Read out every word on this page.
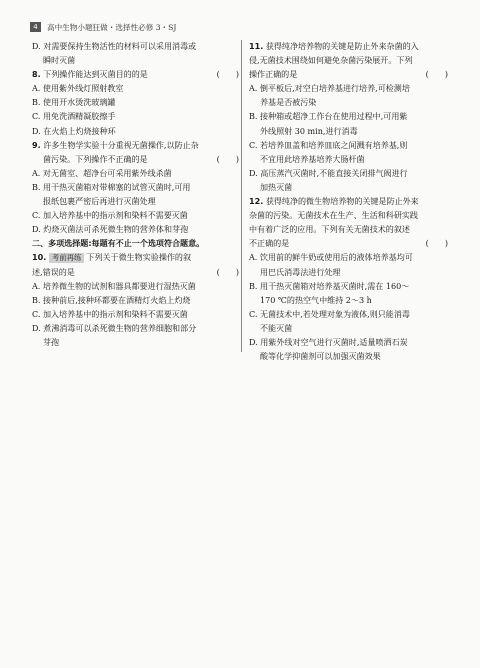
4	高中生物小题狂做・选择性必修 3・SJ
D. 对需要保持生物活性的材料可以采用消毒或
瞬时灭菌
(　　)
8. 下列操作能达到灭菌目的的是
A. 使用紫外线灯照射教室
B. 使用开水烫洗玻璃罐
C. 用免洗酒精凝胶擦手
D. 在火焰上灼烧接种环
9. 许多生物学实验十分重视无菌操作,以防止杂
(　　)
菌污染。下列操作不正确的是
A. 对无菌室、超净台可采用紫外线杀菌
B. 用干热灭菌箱对带棉塞的试管灭菌时,可用
报纸包裹严密后再进行灭菌处理
C. 加入培养基中的指示剂和染料不需要灭菌
D. 灼烧灭菌法可杀死微生物的营养体和芽孢
二、多项选择题:每题有不止一个选项符合题意。
10. 考前再练 下列关于微生物实验操作的叙
(　　)
述,错误的是
A. 培养微生物的试剂和器具都要进行湿热灭菌
B. 接种前后,接种环都要在酒精灯火焰上灼烧
C. 加入培养基中的指示剂和染料不需要灭菌
D. 煮沸消毒可以杀死微生物的营养细胞和部分
芽孢
11. 获得纯净培养物的关键是防止外来杂菌的入
侵,无菌技术围绕如何避免杂菌污染展开。下列
(　　)
操作正确的是
A. 倒平板后,对空白培养基进行培养,可检测培
养基是否被污染
B. 接种箱或超净工作台在使用过程中,可用紫
外线照射 30 min,进行消毒
C. 若培养皿盖和培养皿底之间溅有培养基,则
不宜用此培养基培养大肠杆菌
D. 高压蒸汽灭菌时,不能直接关闭排气阀进行
加热灭菌
12. 获得纯净的微生物培养物的关键是防止外来
杂菌的污染。无菌技术在生产、生活和科研实践
中有着广泛的应用。下列有关无菌技术的叙述
(　　)
不正确的是
A. 饮用前的鲜牛奶或使用后的液体培养基均可
用巴氏消毒法进行处理
B. 用干热灭菌箱对培养基灭菌时,需在 160～
170 ℃的热空气中维持 2～3 h
C. 无菌技术中,若处理对象为液体,则只能消毒
不能灭菌
D. 用紫外线对空气进行灭菌时,适量喷洒石炭
酸等化学抑菌剂可以加强灭菌效果
